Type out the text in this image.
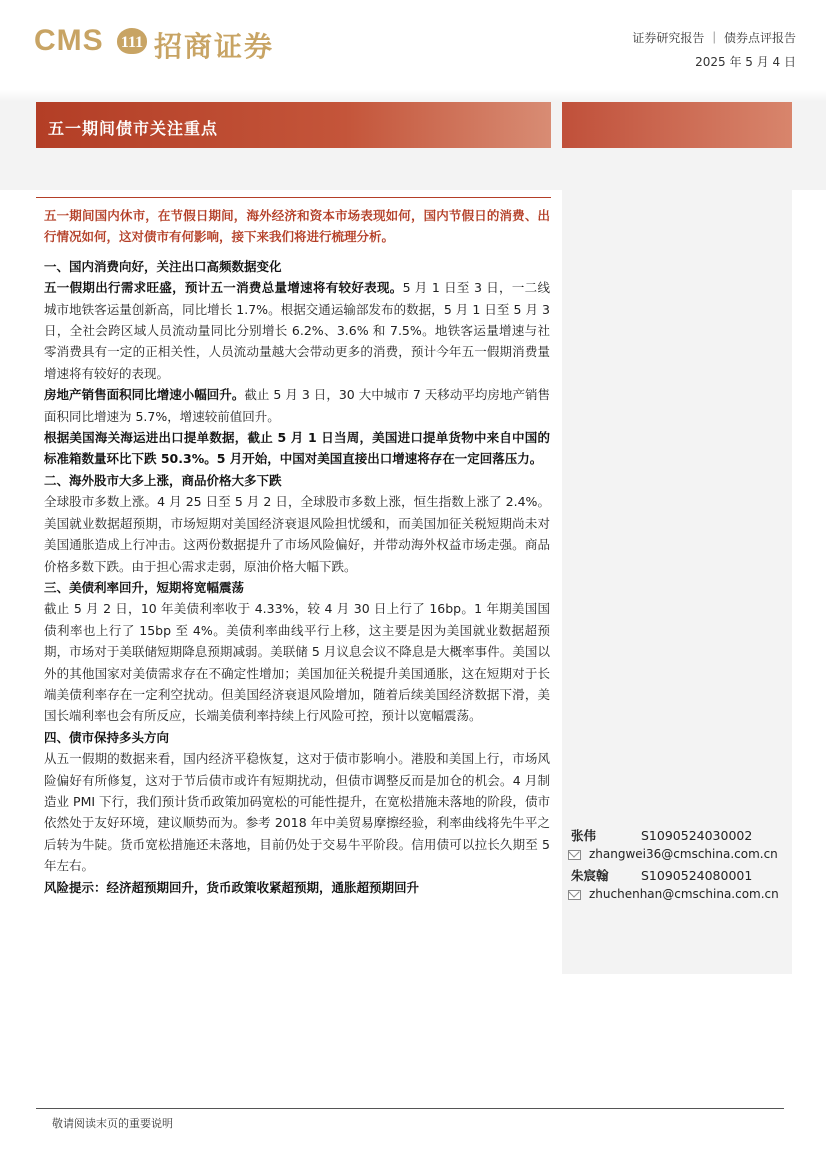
CMS 111 招商证券	证券研究报告 ｜ 债券点评报告
2025 年 5 月 4 日
五一期间债市关注重点

五一期间国内休市，在节假日期间，海外经济和资本市场表现如何，国内节假日的消费、出行情况如何，这对债市有何影响，接下来我们将进行梳理分析。

一、国内消费向好，关注出口高频数据变化

五一假期出行需求旺盛，预计五一消费总量增速将有较好表现。5 月 1 日至 3 日，一二线城市地铁客运量创新高，同比增长 1.7%。根据交通运输部发布的数据，5 月 1 日至 5 月 3 日，全社会跨区域人员流动量同比分别增长 6.2%、3.6% 和 7.5%。地铁客运量增速与社零消费具有一定的正相关性，人员流动量越大会带动更多的消费，预计今年五一假期消费量增速将有较好的表现。

房地产销售面积同比增速小幅回升。截止 5 月 3 日，30 大中城市 7 天移动平均房地产销售面积同比增速为 5.7%，增速较前值回升。

根据美国海关海运进出口提单数据，截止 5 月 1 日当周，美国进口提单货物中来自中国的标准箱数量环比下跌 50.3%。5 月开始，中国对美国直接出口增速将存在一定回落压力。

二、海外股市大多上涨，商品价格大多下跌

全球股市多数上涨。4 月 25 日至 5 月 2 日，全球股市多数上涨，恒生指数上涨了 2.4%。美国就业数据超预期，市场短期对美国经济衰退风险担忧缓和，而美国加征关税短期尚未对美国通胀造成上行冲击。这两份数据提升了市场风险偏好，并带动海外权益市场走强。商品价格多数下跌。由于担心需求走弱，原油价格大幅下跌。

三、美债利率回升，短期将宽幅震荡

截止 5 月 2 日，10 年美债利率收于 4.33%，较 4 月 30 日上行了 16bp。1 年期美国国债利率也上行了 15bp 至 4%。美债利率曲线平行上移，这主要是因为美国就业数据超预期，市场对于美联储短期降息预期减弱。美联储 5 月议息会议不降息是大概率事件。美国以外的其他国家对美债需求存在不确定性增加；美国加征关税提升美国通胀，这在短期对于长端美债利率存在一定利空扰动。但美国经济衰退风险增加，随着后续美国经济数据下滑，美国长端利率也会有所反应，长端美债利率持续上行风险可控，预计以宽幅震荡。

四、债市保持多头方向

从五一假期的数据来看，国内经济平稳恢复，这对于债市影响小。港股和美国上行，市场风险偏好有所修复，这对于节后债市或许有短期扰动，但债市调整反而是加仓的机会。4 月制造业 PMI 下行，我们预计货币政策加码宽松的可能性提升，在宽松措施未落地的阶段，债市依然处于友好环境，建议顺势而为。参考 2018 年中美贸易摩擦经验，利率曲线将先牛平之后转为牛陡。货币宽松措施还未落地，目前仍处于交易牛平阶段。信用债可以拉长久期至 5 年左右。

风险提示：经济超预期回升，货币政策收紧超预期，通胀超预期回升

张伟	S1090524030002
zhangwei36@cmschina.com.cn
朱宸翰	S1090524080001
zhuchenhan@cmschina.com.cn
敬请阅读末页的重要说明
